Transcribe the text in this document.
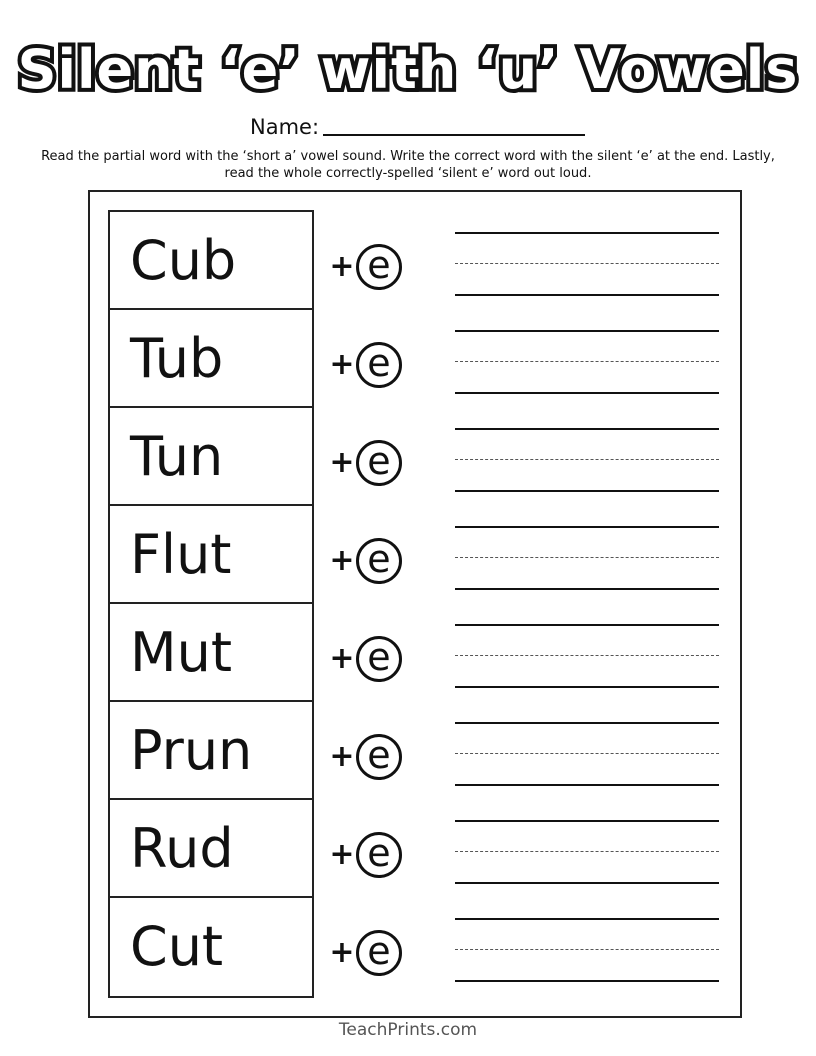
Silent ‘e’ with ‘u’ Vowels
Name:
Read the partial word with the ‘short a’ vowel sound. Write the correct word with the silent ‘e’ at the end. Lastly, read the whole correctly-spelled ‘silent e’ word out loud.
Cub
Tub
Tun
Flut
Mut
Prun
Rud
Cut
+ e
+ e
+ e
+ e
+ e
+ e
+ e
+ e
TeachPrints.com
